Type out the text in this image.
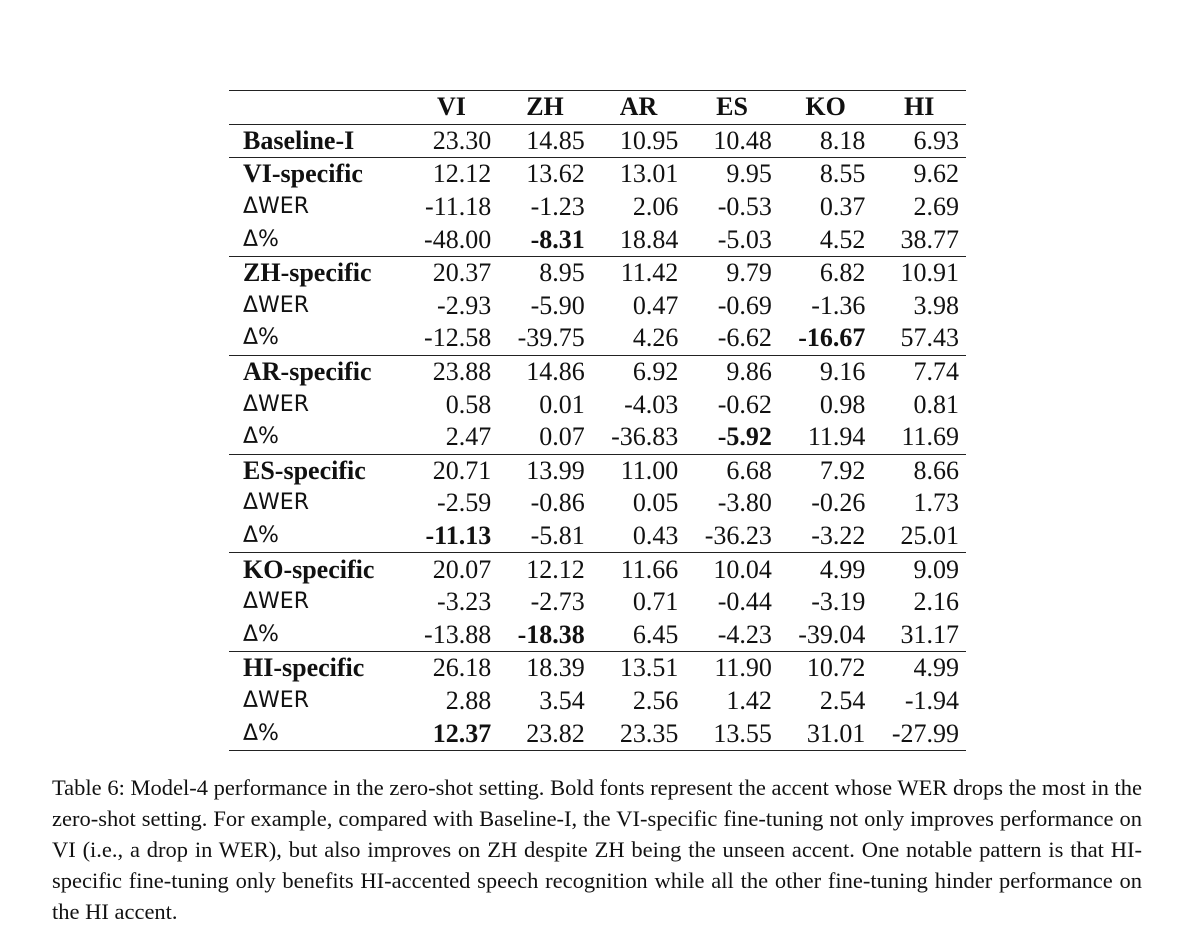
	VI	ZH	AR	ES	KO	HI
Baseline-I	23.30	14.85	10.95	10.48	8.18	6.93
VI-specific	12.12	13.62	13.01	9.95	8.55	9.62
ΔWER	-11.18	-1.23	2.06	-0.53	0.37	2.69
Δ%	-48.00	-8.31	18.84	-5.03	4.52	38.77
ZH-specific	20.37	8.95	11.42	9.79	6.82	10.91
ΔWER	-2.93	-5.90	0.47	-0.69	-1.36	3.98
Δ%	-12.58	-39.75	4.26	-6.62	-16.67	57.43
AR-specific	23.88	14.86	6.92	9.86	9.16	7.74
ΔWER	0.58	0.01	-4.03	-0.62	0.98	0.81
Δ%	2.47	0.07	-36.83	-5.92	11.94	11.69
ES-specific	20.71	13.99	11.00	6.68	7.92	8.66
ΔWER	-2.59	-0.86	0.05	-3.80	-0.26	1.73
Δ%	-11.13	-5.81	0.43	-36.23	-3.22	25.01
KO-specific	20.07	12.12	11.66	10.04	4.99	9.09
ΔWER	-3.23	-2.73	0.71	-0.44	-3.19	2.16
Δ%	-13.88	-18.38	6.45	-4.23	-39.04	31.17
HI-specific	26.18	18.39	13.51	11.90	10.72	4.99
ΔWER	2.88	3.54	2.56	1.42	2.54	-1.94
Δ%	12.37	23.82	23.35	13.55	31.01	-27.99

Table 6: Model-4 performance in the zero-shot setting. Bold fonts represent the accent whose WER drops the most in the zero-shot setting. For example, compared with Baseline-I, the VI-specific fine-tuning not only improves performance on VI (i.e., a drop in WER), but also improves on ZH despite ZH being the unseen accent. One notable pattern is that HI-specific fine-tuning only benefits HI-accented speech recognition while all the other fine-tuning hinder performance on the HI accent.
